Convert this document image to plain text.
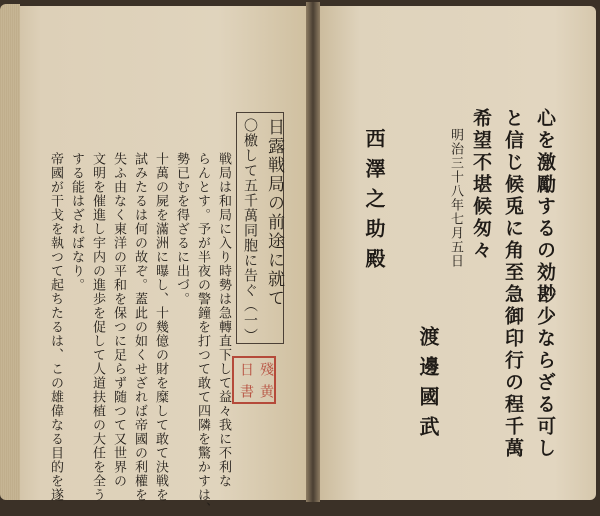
日露戦局の前途に就て
〇檄して五千萬同胞に告ぐ（一）
戦局は和局に入り時勢は急轉直下して益々我に不利な
らんとす。予が半夜の警鐘を打つて敢て四隣を驚かすは、
勢已むを得ざるに出づ。
十萬の屍を滿洲に曝し、十幾億の財を糜して敢て決戦を
試みたるは何の故ぞ。蓋此の如くせざれば帝國の利權を
失ふ由なく東洋の平和を保つに足らず随つて又世界の
文明を催進し宇内の進歩を促して人道扶植の大任を全う
する能はざればなり。
帝國が干戈を執つて起ちたるは、この雄偉なる目的を遂	日 殘
書 黄	心を激勵するの効尠少ならざる可し
と信じ候兎に角至急御印行の程千萬
希望不堪候匆々
明治三十八年七月五日
西澤之助殿
渡邊國武
